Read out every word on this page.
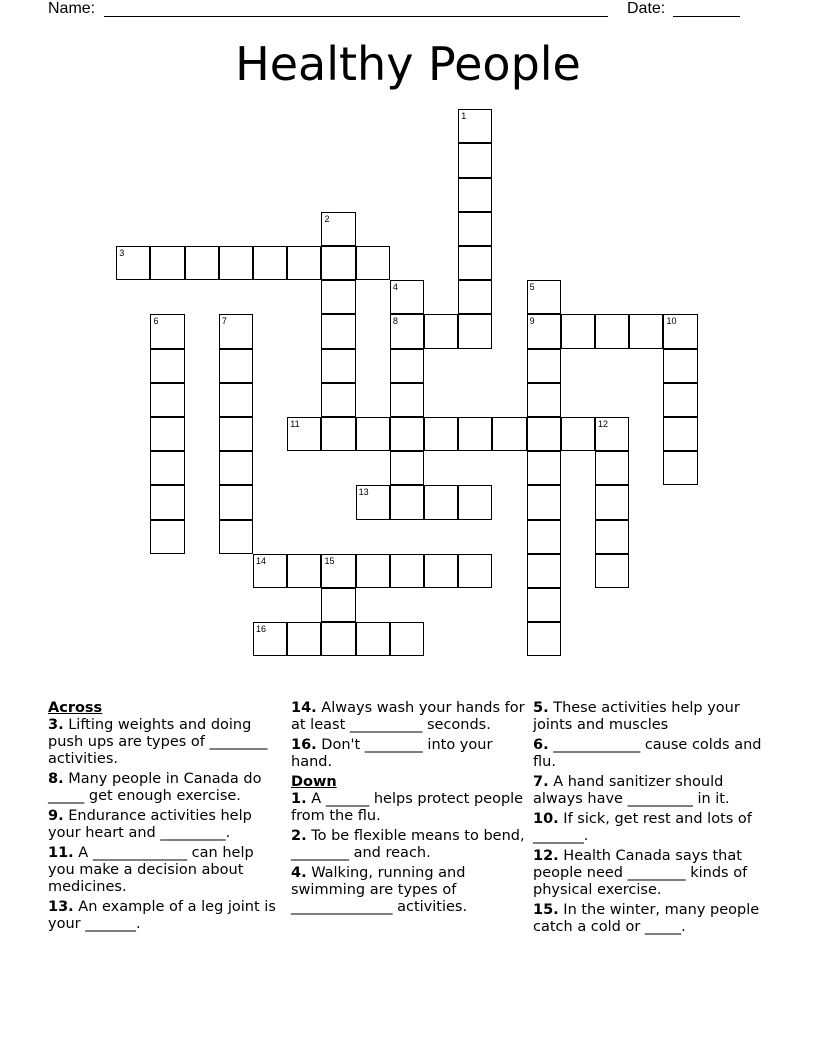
Name:	Date:
Healthy People
1
2
3
4
8
5
9
6	7	10
11	12
13
14	15
16
Across
3. Lifting weights and doing push ups are types of ________ activities.
8. Many people in Canada do _____ get enough exercise.
9. Endurance activities help your heart and _________.
11. A _____________ can help you make a decision about medicines.
13. An example of a leg joint is your _______.
14. Always wash your hands for at least __________ seconds.
16. Don't ________ into your hand.
Down
1. A ______ helps protect people from the flu.
2. To be flexible means to bend, ________ and reach.
4. Walking, running and swimming are types of ______________ activities.
5. These activities help your joints and muscles
6. ____________ cause colds and flu.
7. A hand sanitizer should always have _________ in it.
10. If sick, get rest and lots of _______.
12. Health Canada says that people need ________ kinds of physical exercise.
15. In the winter, many people catch a cold or _____.
